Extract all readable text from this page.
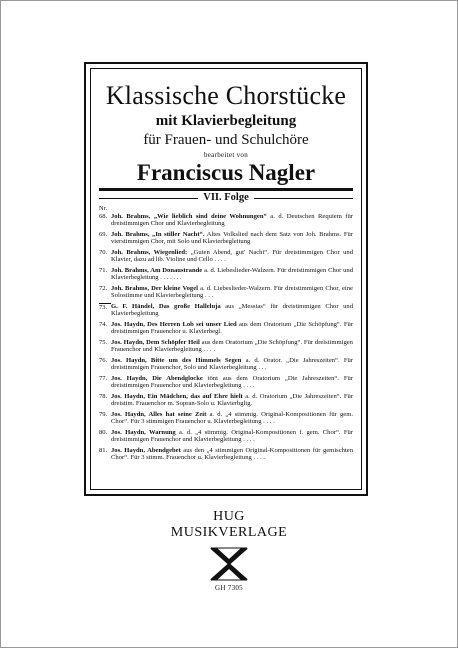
Klassische Chorstücke
mit Klavierbegleitung
für Frauen- und Schulchöre
bearbeitet von
Franciscus Nagler
VII. Folge
Nr.
68. Joh. Brahms, „Wie lieblich sind deine Wohnungen“ a. d. Deutschen Requiem für dreistimmigen Chor und Klavierbegleitung
69. Joh. Brahms, „In stiller Nacht“. Altes Volkslied nach dem Satz von Joh. Brahms. Für vierstimmigen Chor, mit Solo und Klavierbegleitung
70. Joh. Brahms, Wiegenlied: „Guten Abend, gut' Nacht“. Für dreistimmigen Chor und Klavier, dazu ad lib. Violine und Cello . . . .
71. Joh. Brahms, Am Donaustrande a. d. Liebeslieder-Walzern. Für dreistimmigen Chor und Klavierbegleitung . . . . . . .
72. Joh. Brahms, Der kleine Vogel a. d. Liebeslieder-Walzern. Für dreistimmigen Chor, eine Solostimme und Klavierbegleitung . . .
73. G. F. Händel, Das große Halleluja aus „Messias“ für dreistimmigen Chor und Klavierbegleitung
74. Jos. Haydn, Des Herren Lob sei unser Lied aus dem Oratorium „Die Schöpfung“. Für dreistimmigen Frauenchor u. Klavierbegl.
75. Jos. Haydn, Dem Schöpfer Heil aus dem Oratorium „Die Schöpfung“. Für dreistimmigen Frauenchor und Klavierbegleitung . . . .
76. Jos. Haydn, Bitte um des Himmels Segen a. d. Orator. „Die Jahreszeiten“. Für dreistimmigen Frauenchor, Solo und Klavierbegleitung . . .
77. Jos. Haydn, Die Abendglocke tönt aus dem Oratorium „Die Jahreszeiten“. Für dreistimmigen Frauenchor und Klavierbegleitung . . . .
78. Jos. Haydn, Ein Mädchen, das auf Ehre hielt a. d. Oratorium „Die Jahreszeiten“. Für dreistim. Frauenchor m. Sopran-Solo u. Klavierbgltg.
79. Jos. Haydn, Alles hat seine Zeit a. d. „4 stimmig. Original-Kompositionen für gem. Chor“. Für 3 stimmigen Frauenchor u. Klavierbegleitung . . . .
80. Jos. Haydn, Warnung a. d. „4 stimmig. Original-Kompositionen f. gem. Chor“. Für dreistimmigen Frauenchor und Klavierbegleitung . . . .
81. Jos. Haydn, Abendgebet aus den „4 stimmigen Original-Kompositionen für gemischten Chor“. Für 3 stimm. Frauenchor u. Klavierbegleitung . . . .
HUG
MUSIKVERLAGE
GH 7305
